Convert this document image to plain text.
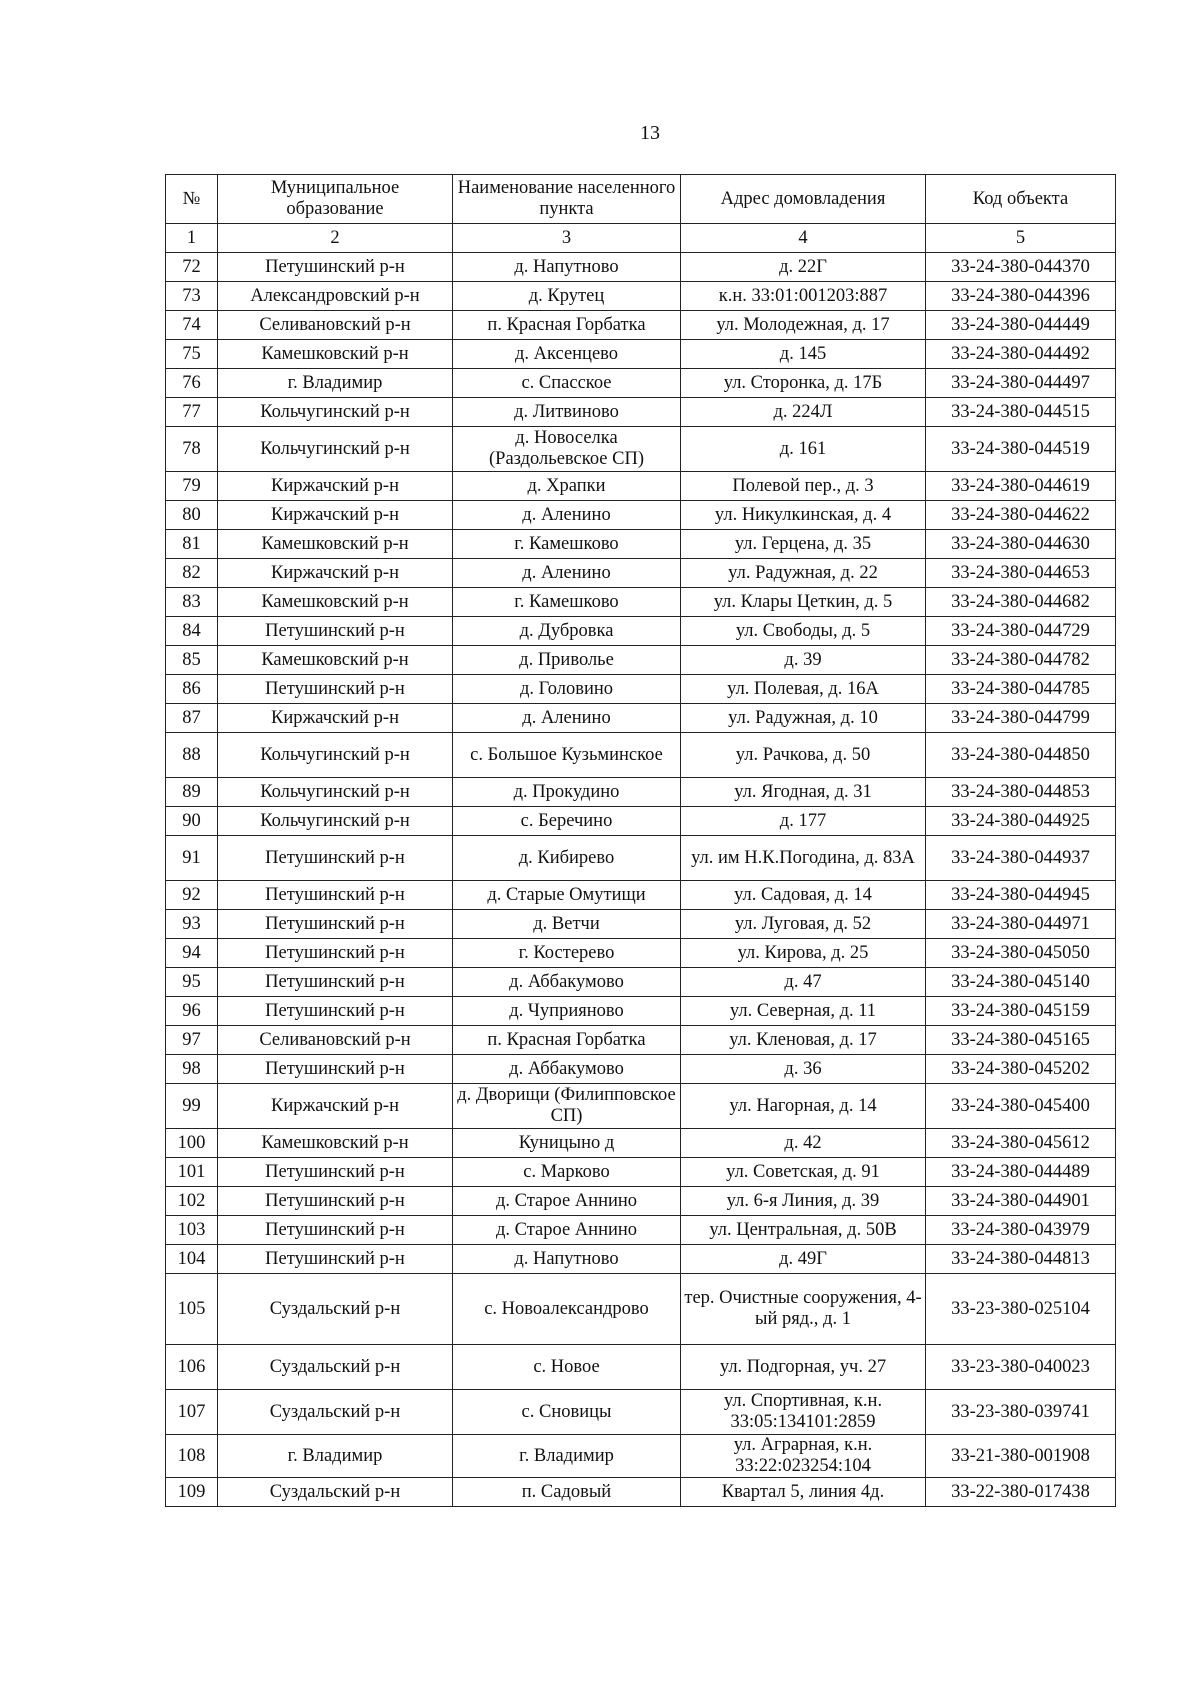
13
№	Муниципальное образование	Наименование населенного пункта	Адрес домовладения	Код объекта
1	2	3	4	5
72	Петушинский р-н	д. Напутново	д. 22Г	33-24-380-044370
73	Александровский р-н	д. Крутец	к.н. 33:01:001203:887	33-24-380-044396
74	Селивановский р-н	п. Красная Горбатка	ул. Молодежная, д. 17	33-24-380-044449
75	Камешковский р-н	д. Аксенцево	д. 145	33-24-380-044492
76	г. Владимир	с. Спасское	ул. Сторонка, д. 17Б	33-24-380-044497
77	Кольчугинский р-н	д. Литвиново	д. 224Л	33-24-380-044515
78	Кольчугинский р-н	д. Новоселка (Раздольевское СП)	д. 161	33-24-380-044519
79	Киржачский р-н	д. Храпки	Полевой пер., д. 3	33-24-380-044619
80	Киржачский р-н	д. Аленино	ул. Никулкинская, д. 4	33-24-380-044622
81	Камешковский р-н	г. Камешково	ул. Герцена, д. 35	33-24-380-044630
82	Киржачский р-н	д. Аленино	ул. Радужная, д. 22	33-24-380-044653
83	Камешковский р-н	г. Камешково	ул. Клары Цеткин, д. 5	33-24-380-044682
84	Петушинский р-н	д. Дубровка	ул. Свободы, д. 5	33-24-380-044729
85	Камешковский р-н	д. Приволье	д. 39	33-24-380-044782
86	Петушинский р-н	д. Головино	ул. Полевая, д. 16А	33-24-380-044785
87	Киржачский р-н	д. Аленино	ул. Радужная, д. 10	33-24-380-044799
88	Кольчугинский р-н	с. Большое Кузьминское	ул. Рачкова, д. 50	33-24-380-044850
89	Кольчугинский р-н	д. Прокудино	ул. Ягодная, д. 31	33-24-380-044853
90	Кольчугинский р-н	с. Беречино	д. 177	33-24-380-044925
91	Петушинский р-н	д. Кибирево	ул. им Н.К.Погодина, д. 83А	33-24-380-044937
92	Петушинский р-н	д. Старые Омутищи	ул. Садовая, д. 14	33-24-380-044945
93	Петушинский р-н	д. Ветчи	ул. Луговая, д. 52	33-24-380-044971
94	Петушинский р-н	г. Костерево	ул. Кирова, д. 25	33-24-380-045050
95	Петушинский р-н	д. Аббакумово	д. 47	33-24-380-045140
96	Петушинский р-н	д. Чуприяново	ул. Северная, д. 11	33-24-380-045159
97	Селивановский р-н	п. Красная Горбатка	ул. Кленовая, д. 17	33-24-380-045165
98	Петушинский р-н	д. Аббакумово	д. 36	33-24-380-045202
99	Киржачский р-н	д. Дворищи (Филипповское СП)	ул. Нагорная, д. 14	33-24-380-045400
100	Камешковский р-н	Куницыно д	д. 42	33-24-380-045612
101	Петушинский р-н	с. Марково	ул. Советская, д. 91	33-24-380-044489
102	Петушинский р-н	д. Старое Аннино	ул. 6-я Линия, д. 39	33-24-380-044901
103	Петушинский р-н	д. Старое Аннино	ул. Центральная, д. 50В	33-24-380-043979
104	Петушинский р-н	д. Напутново	д. 49Г	33-24-380-044813
105	Суздальский р-н	с. Новоалександрово	тер. Очистные сооружения, 4-ый ряд., д. 1	33-23-380-025104
106	Суздальский р-н	с. Новое	ул. Подгорная, уч. 27	33-23-380-040023
107	Суздальский р-н	с. Сновицы	ул. Спортивная, к.н. 33:05:134101:2859	33-23-380-039741
108	г. Владимир	г. Владимир	ул. Аграрная, к.н. 33:22:023254:104	33-21-380-001908
109	Суздальский р-н	п. Садовый	Квартал 5, линия 4д.	33-22-380-017438
